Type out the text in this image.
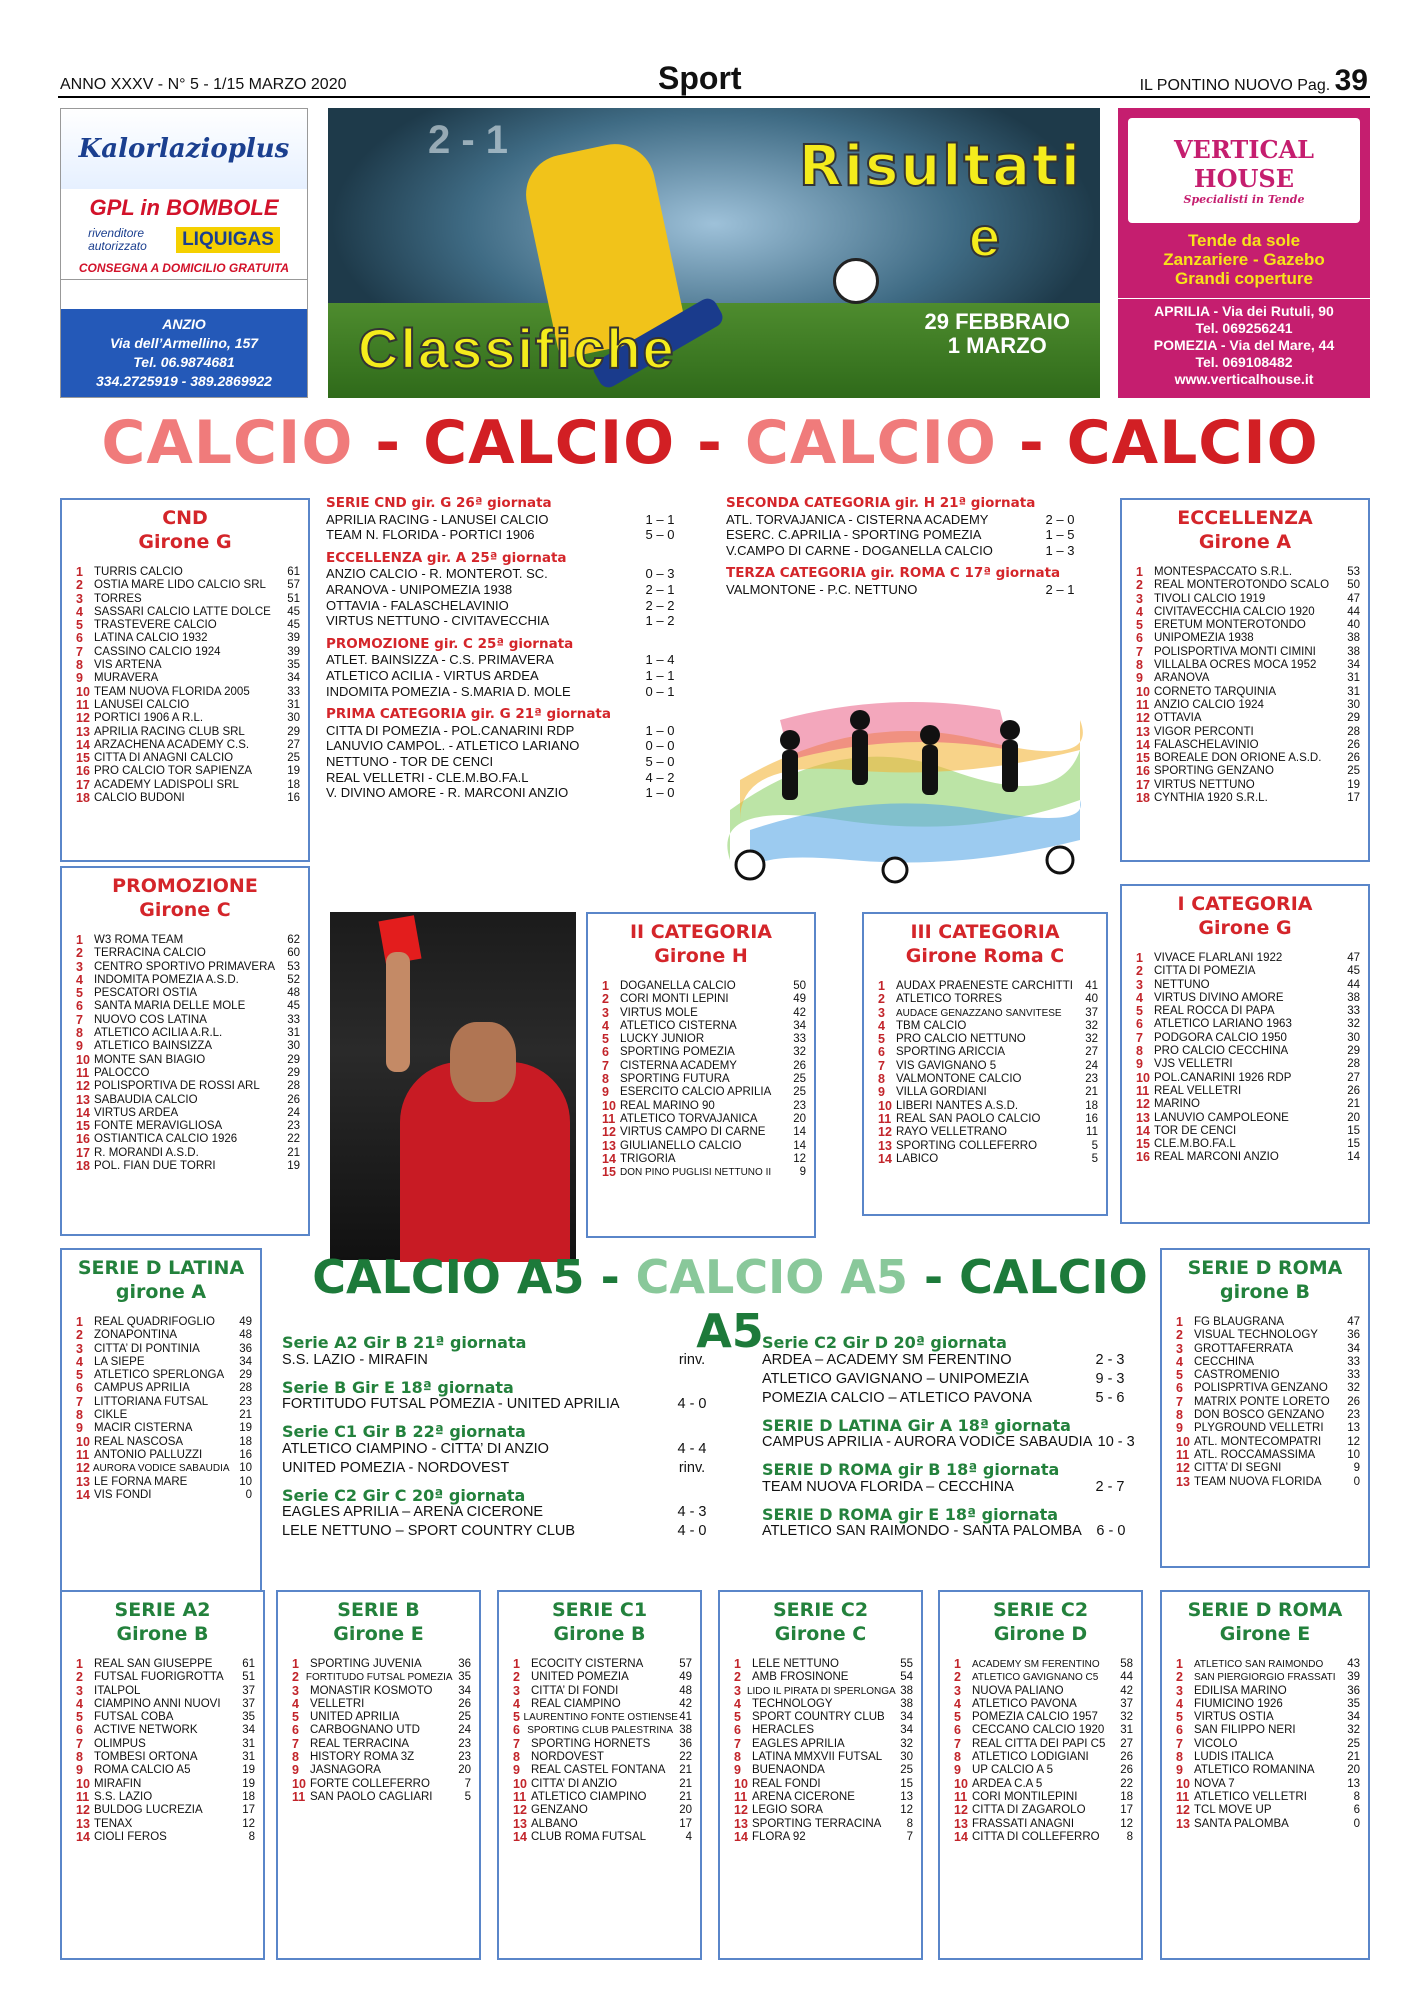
ANNO XXXV - N° 5 - 1/15 MARZO 2020	Sport	IL PONTINO NUOVO Pag. 39
Kalorlazioplus
GPL in BOMBOLE
rivenditore autorizzato	LIQUIGAS
CONSEGNA A DOMICILIO GRATUITA
ANZIO
Via dell’Armellino, 157
Tel. 06.9874681
334.2725919 - 389.2869922
2 - 1	Risultati
e
Classifiche	29 FEBBRAIO
1 MARZO
VERTICAL HOUSE
Specialisti in Tende
Tende da sole
Zanzariere - Gazebo
Grandi coperture
APRILIA - Via dei Rutuli, 90
Tel. 069256241
POMEZIA - Via del Mare, 44
Tel. 069108482
www.verticalhouse.it
CALCIO - CALCIO - CALCIO - CALCIO
SERIE CND gir. G 26ª giornata
APRILIA RACING - LANUSEI CALCIO	1 – 1
TEAM N. FLORIDA - PORTICI 1906	5 – 0
ECCELLENZA gir. A 25ª giornata
ANZIO CALCIO - R. MONTEROT. SC.	0 – 3
ARANOVA - UNIPOMEZIA 1938	2 – 1
OTTAVIA - FALASCHELAVINIO	2 – 2
VIRTUS NETTUNO - CIVITAVECCHIA	1 – 2
PROMOZIONE gir. C 25ª giornata
ATLET. BAINSIZZA - C.S. PRIMAVERA	1 – 4
ATLETICO ACILIA - VIRTUS ARDEA	1 – 1
INDOMITA POMEZIA - S.MARIA D. MOLE	0 – 1
PRIMA CATEGORIA gir. G 21ª giornata
CITTA DI POMEZIA - POL.CANARINI RDP	1 – 0
LANUVIO CAMPOL. - ATLETICO LARIANO	0 – 0
NETTUNO - TOR DE CENCI	5 – 0
REAL VELLETRI - CLE.M.BO.FA.L	4 – 2
V. DIVINO AMORE - R. MARCONI ANZIO	1 – 0
SECONDA CATEGORIA gir. H 21ª giornata
ATL. TORVAJANICA - CISTERNA ACADEMY	2 – 0
ESERC. C.APRILIA - SPORTING POMEZIA	1 – 5
V.CAMPO DI CARNE - DOGANELLA CALCIO	1 – 3
TERZA CATEGORIA gir. ROMA C 17ª giornata
VALMONTONE - P.C. NETTUNO	2 – 1
CALCIO A5 - CALCIO A5 - CALCIO A5
Serie A2 Gir B 21ª giornata
S.S. LAZIO - MIRAFIN	rinv.
Serie B Gir E 18ª giornata
FORTITUDO FUTSAL POMEZIA - UNITED APRILIA	4 - 0
Serie C1 Gir B 22ª giornata
ATLETICO CIAMPINO - CITTA’ DI ANZIO	4 - 4
UNITED POMEZIA - NORDOVEST	rinv.
Serie C2 Gir C 20ª giornata
EAGLES APRILIA – ARENA CICERONE	4 - 3
LELE NETTUNO – SPORT COUNTRY CLUB	4 - 0
Serie C2 Gir D 20ª giornata
ARDEA – ACADEMY SM FERENTINO	2 - 3
ATLETICO GAVIGNANO – UNIPOMEZIA	9 - 3
POMEZIA CALCIO – ATLETICO PAVONA	5 - 6
SERIE D LATINA Gir A 18ª giornata
CAMPUS APRILIA - AURORA VODICE SABAUDIA 10 - 3
SERIE D ROMA gir B 18ª giornata
TEAM NUOVA FLORIDA – CECCHINA	2 - 7
SERIE D ROMA gir E 18ª giornata
ATLETICO SAN RAIMONDO - SANTA PALOMBA	6 - 0
CND
Girone G
1 TURRIS CALCIO	61
2 OSTIA MARE LIDO CALCIO SRL	57
3 TORRES	51
4 SASSARI CALCIO LATTE DOLCE	45
5 TRASTEVERE CALCIO	45
6 LATINA CALCIO 1932	39
7 CASSINO CALCIO 1924	39
8 VIS ARTENA	35
9 MURAVERA	34
10 TEAM NUOVA FLORIDA 2005	33
11 LANUSEI CALCIO	31
12 PORTICI 1906 A R.L.	30
13 APRILIA RACING CLUB SRL	29
14 ARZACHENA ACADEMY C.S.	27
15 CITTA DI ANAGNI CALCIO	25
16 PRO CALCIO TOR SAPIENZA	19
17 ACADEMY LADISPOLI SRL	18
18 CALCIO BUDONI	16
PROMOZIONE
Girone C
1 W3 ROMA TEAM	62
2 TERRACINA CALCIO	60
3 CENTRO SPORTIVO PRIMAVERA	53
4 INDOMITA POMEZIA A.S.D.	52
5 PESCATORI OSTIA	48
6 SANTA MARIA DELLE MOLE	45
7 NUOVO COS LATINA	33
8 ATLETICO ACILIA A.R.L.	31
9 ATLETICO BAINSIZZA	30
10 MONTE SAN BIAGIO	29
11 PALOCCO	29
12 POLISPORTIVA DE ROSSI ARL	28
13 SABAUDIA CALCIO	26
14 VIRTUS ARDEA	24
15 FONTE MERAVIGLIOSA	23
16 OSTIANTICA CALCIO 1926	22
17 R. MORANDI A.S.D.	21
18 POL. FIAN DUE TORRI	19
ECCELLENZA
Girone A
1 MONTESPACCATO S.R.L.	53
2 REAL MONTEROTONDO SCALO	50
3 TIVOLI CALCIO 1919	47
4 CIVITAVECCHIA CALCIO 1920	44
5 ERETUM MONTEROTONDO	40
6 UNIPOMEZIA 1938	38
7 POLISPORTIVA MONTI CIMINI	38
8 VILLALBA OCRES MOCA 1952	34
9 ARANOVA	31
10 CORNETO TARQUINIA	31
11 ANZIO CALCIO 1924	30
12 OTTAVIA	29
13 VIGOR PERCONTI	28
14 FALASCHELAVINIO	26
15 BOREALE DON ORIONE A.S.D.	26
16 SPORTING GENZANO	25
17 VIRTUS NETTUNO	19
18 CYNTHIA 1920 S.R.L.	17
I CATEGORIA
Girone G
1 VIVACE FLARLANI 1922	47
2 CITTA DI POMEZIA	45
3 NETTUNO	44
4 VIRTUS DIVINO AMORE	38
5 REAL ROCCA DI PAPA	33
6 ATLETICO LARIANO 1963	32
7 PODGORA CALCIO 1950	30
8 PRO CALCIO CECCHINA	29
9 VJS VELLETRI	28
10 POL.CANARINI 1926 RDP	27
11 REAL VELLETRI	26
12 MARINO	21
13 LANUVIO CAMPOLEONE	20
14 TOR DE CENCI	15
15 CLE.M.BO.FA.L	15
16 REAL MARCONI ANZIO	14
II CATEGORIA
Girone H
1 DOGANELLA CALCIO	50
2 CORI MONTI LEPINI	49
3 VIRTUS MOLE	42
4 ATLETICO CISTERNA	34
5 LUCKY JUNIOR	33
6 SPORTING POMEZIA	32
7 CISTERNA ACADEMY	26
8 SPORTING FUTURA	25
9 ESERCITO CALCIO APRILIA	25
10 REAL MARINO 90	23
11 ATLETICO TORVAJANICA	20
12 VIRTUS CAMPO DI CARNE	14
13 GIULIANELLO CALCIO	14
14 TRIGORIA	12
15 DON PINO PUGLISI NETTUNO II	9
III CATEGORIA
Girone Roma C
1 AUDAX PRAENESTE CARCHITTI	41
2 ATLETICO TORRES	40
3	AUDACE GENAZZANO SANVITESE	37
4 TBM CALCIO	32
5 PRO CALCIO NETTUNO	32
6 SPORTING ARICCIA	27
7 VIS GAVIGNANO 5	24
8 VALMONTONE CALCIO	23
9 VILLA GORDIANI	21
10 LIBERI NANTES A.S.D.	18
11 REAL SAN PAOLO CALCIO	16
12 RAYO VELLETRANO	11
13 SPORTING COLLEFERRO	5
14 LABICO	5
SERIE D LATINA
girone A
1 REAL QUADRIFOGLIO	49
2 ZONAPONTINA	48
3 CITTA’ DI PONTINIA	36
4 LA SIEPE	34
5 ATLETICO SPERLONGA	29
6 CAMPUS APRILIA	28
7 LITTORIANA FUTSAL	23
8 CIKLE	21
9 MACIR CISTERNA	19
10 REAL NASCOSA	18
11 ANTONIO PALLUZZI	16
12 AURORA VODICE SABAUDIA 10
13 LE FORNA MARE	10
14 VIS FONDI	0
SERIE D ROMA
girone B
1 FG BLAUGRANA	47
2 VISUAL TECHNOLOGY	36
3 GROTTAFERRATA	34
4 CECCHINA	33
5 CASTROMENIO	33
6 POLISPRTIVA GENZANO	32
7 MATRIX PONTE LORETO	26
8 DON BOSCO GENZANO	23
9 PLYGROUND VELLETRI	13
10 ATL. MONTECOMPATRI	12
11 ATL. ROCCAMASSIMA	10
12 CITTA’ DI SEGNI	9
13 TEAM NUOVA FLORIDA	0
SERIE A2
Girone B
1 REAL SAN GIUSEPPE	61
2 FUTSAL FUORIGROTTA	51
3 ITALPOL	37
4 CIAMPINO ANNI NUOVI	37
5 FUTSAL COBA	35
6 ACTIVE NETWORK	34
7 OLIMPUS	31
8 TOMBESI ORTONA	31
9 ROMA CALCIO A5	19
10 MIRAFIN	19
11 S.S. LAZIO	18
12 BULDOG LUCREZIA	17
13 TENAX	12
14 CIOLI FEROS	8
SERIE B
Girone E
1 SPORTING JUVENIA	36
2 FORTITUDO FUTSAL POMEZIA 35
3 MONASTIR KOSMOTO	34
4 VELLETRI	26
5 UNITED APRILIA	25
6 CARBOGNANO UTD	24
7 REAL TERRACINA	23
8 HISTORY ROMA 3Z	23
9 JASNAGORA	20
10 FORTE COLLEFERRO	7
11 SAN PAOLO CAGLIARI	5
SERIE C1
Girone B
1 ECOCITY CISTERNA	57
2 UNITED POMEZIA	49
3 CITTA’ DI FONDI	48
4 REAL CIAMPINO	42
5 LAURENTINO FONTE OSTIENSE 41
6 SPORTING CLUB PALESTRINA 38
7 SPORTING HORNETS	36
8 NORDOVEST	22
9 REAL CASTEL FONTANA	21
10 CITTA’ DI ANZIO	21
11 ATLETICO CIAMPINO	21
12 GENZANO	20
13 ALBANO	17
14 CLUB ROMA FUTSAL	4
SERIE C2
Girone C
1 LELE NETTUNO	55
2 AMB FROSINONE	54
3 LIDO IL PIRATA DI SPERLONGA 38
4 TECHNOLOGY	38
5 SPORT COUNTRY CLUB	34
6 HERACLES	34
7 EAGLES APRILIA	32
8 LATINA MMXVII FUTSAL	30
9 BUENAONDA	25
10 REAL FONDI	15
11 ARENA CICERONE	13
12 LEGIO SORA	12
13 SPORTING TERRACINA	8
14 FLORA 92	7
SERIE C2
Girone D
1	ACADEMY SM FERENTINO	58
2	ATLETICO GAVIGNANO C5	44
3 NUOVA PALIANO	42
4 ATLETICO PAVONA	37
5 POMEZIA CALCIO 1957	32
6 CECCANO CALCIO 1920	31
7 REAL CITTA DEI PAPI C5	27
8 ATLETICO LODIGIANI	26
9 UP CALCIO A 5	26
10 ARDEA C.A 5	22
11 CORI MONTILEPINI	18
12 CITTA DI ZAGAROLO	17
13 FRASSATI ANAGNI	12
14 CITTA DI COLLEFERRO	8
SERIE D ROMA
Girone E
1	ATLETICO SAN RAIMONDO	43
2	SAN PIERGIORGIO FRASSATI	39
3 EDILISA MARINO	36
4 FIUMICINO 1926	35
5 VIRTUS OSTIA	34
6 SAN FILIPPO NERI	32
7 VICOLO	25
8 LUDIS ITALICA	21
9 ATLETICO ROMANINA	20
10 NOVA 7	13
11 ATLETICO VELLETRI	8
12 TCL MOVE UP	6
13 SANTA PALOMBA	0
